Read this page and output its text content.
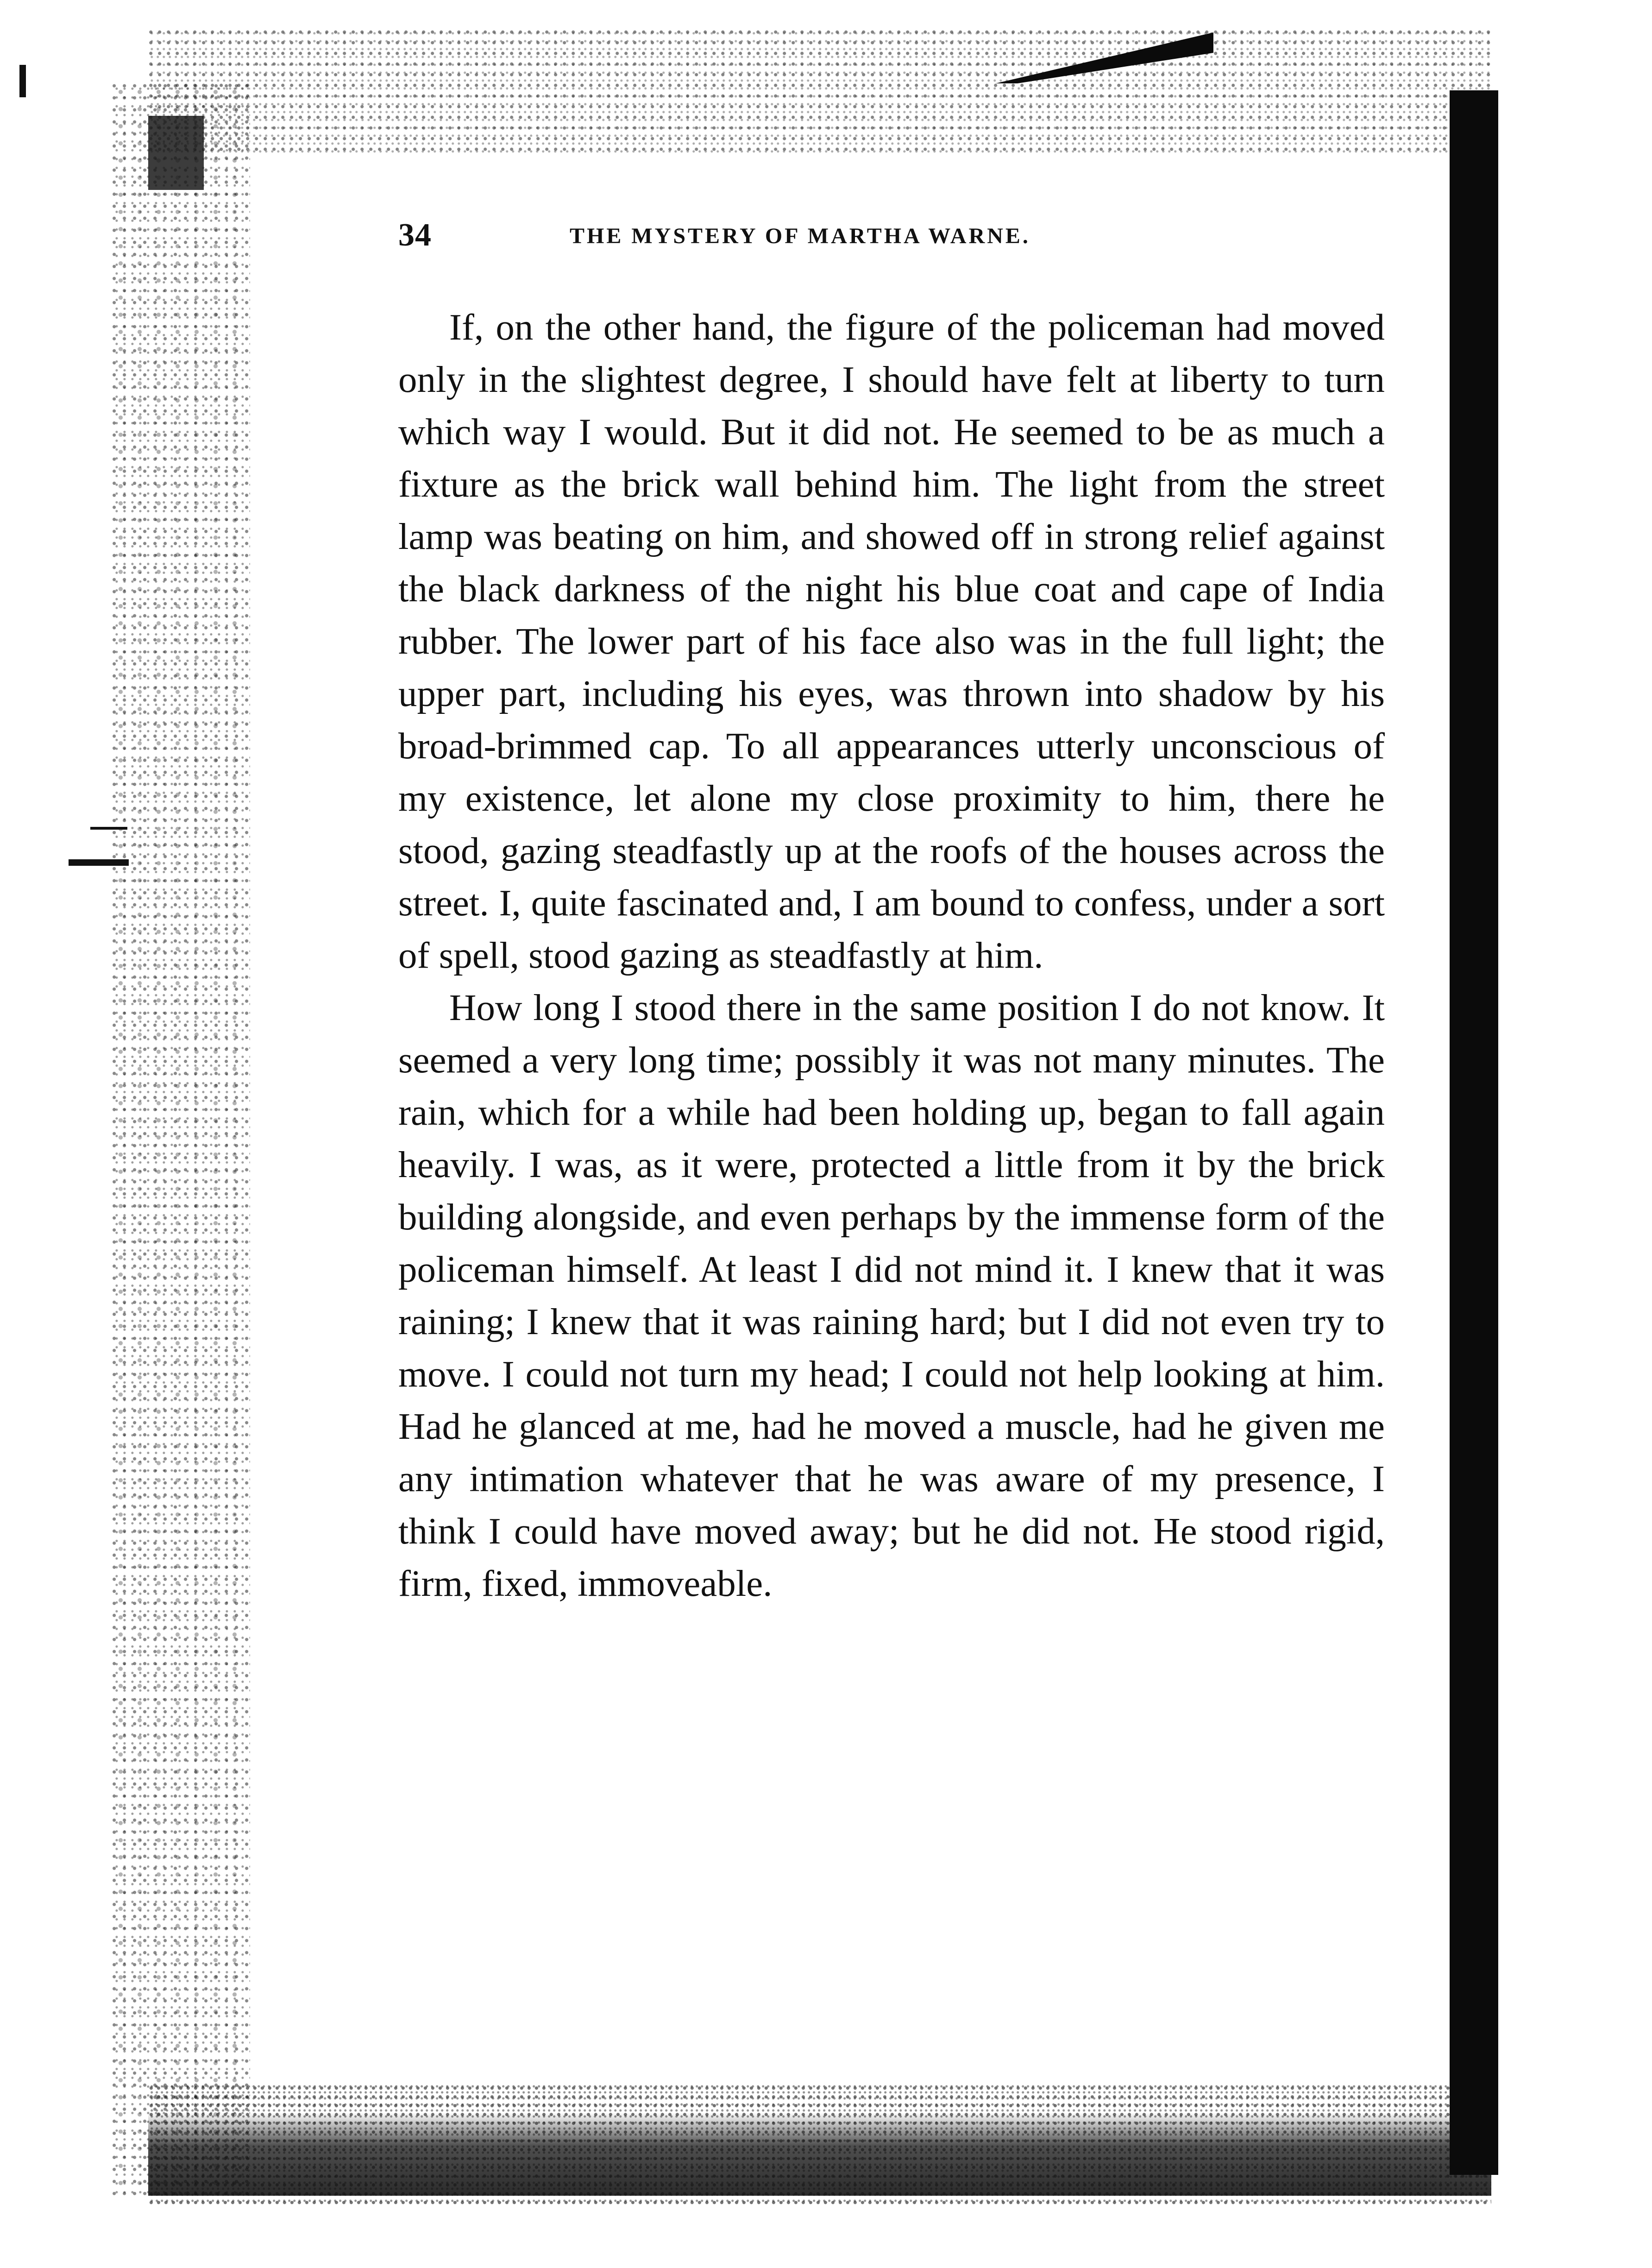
34	THE MYSTERY OF MARTHA WARNE.

If, on the other hand, the figure of the policeman had moved only in the slightest degree, I should have felt at liberty to turn which way I would. But it did not. He seemed to be as much a fixture as the brick wall behind him. The light from the street lamp was beating on him, and showed off in strong relief against the black darkness of the night his blue coat and cape of India rubber. The lower part of his face also was in the full light; the upper part, including his eyes, was thrown into shadow by his broad-brimmed cap. To all appearances utterly unconscious of my existence, let alone my close proximity to him, there he stood, gazing steadfastly up at the roofs of the houses across the street. I, quite fascinated and, I am bound to confess, under a sort of spell, stood gazing as steadfastly at him.

How long I stood there in the same position I do not know. It seemed a very long time; possibly it was not many minutes. The rain, which for a while had been holding up, began to fall again heavily. I was, as it were, protected a little from it by the brick building alongside, and even perhaps by the immense form of the policeman himself. At least I did not mind it. I knew that it was raining; I knew that it was raining hard; but I did not even try to move. I could not turn my head; I could not help looking at him. Had he glanced at me, had he moved a muscle, had he given me any intimation whatever that he was aware of my presence, I think I could have moved away; but he did not. He stood rigid, firm, fixed, immoveable.
